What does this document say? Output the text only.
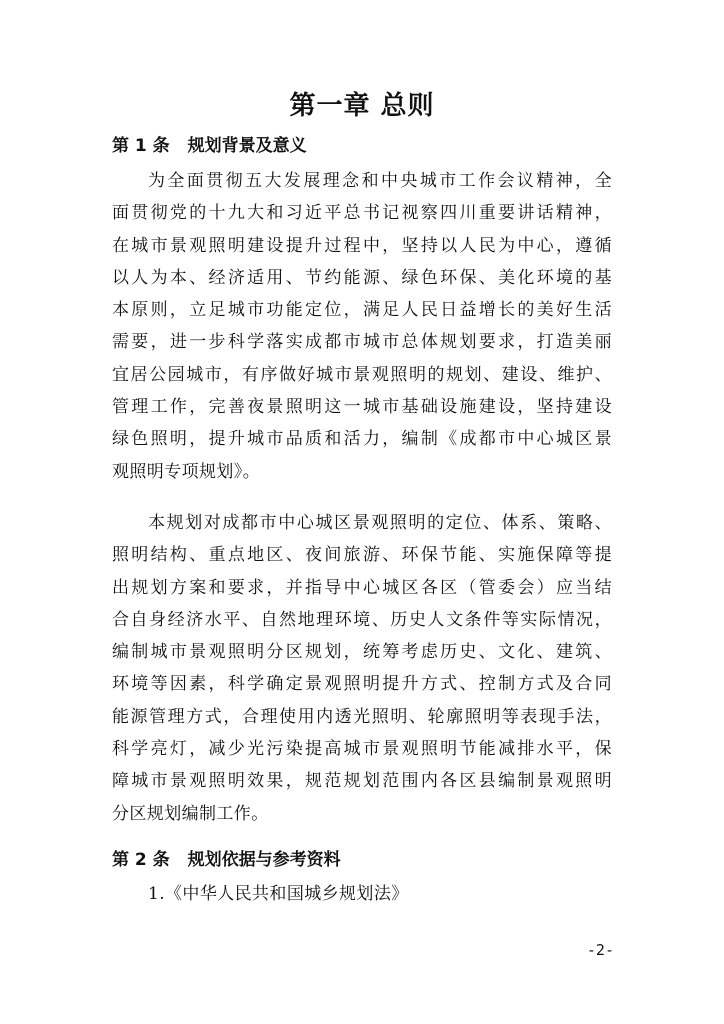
第一章 总则
第 1 条 规划背景及意义
为全面贯彻五大发展理念和中央城市工作会议精神，全
面贯彻党的十九大和习近平总书记视察四川重要讲话精神，
在城市景观照明建设提升过程中，坚持以人民为中心，遵循
以人为本、经济适用、节约能源、绿色环保、美化环境的基
本原则，立足城市功能定位，满足人民日益增长的美好生活
需要，进一步科学落实成都市城市总体规划要求，打造美丽
宜居公园城市，有序做好城市景观照明的规划、建设、维护、
管理工作，完善夜景照明这一城市基础设施建设，坚持建设
绿色照明，提升城市品质和活力，编制《成都市中心城区景
观照明专项规划》。
本规划对成都市中心城区景观照明的定位、体系、策略、
照明结构、重点地区、夜间旅游、环保节能、实施保障等提
出规划方案和要求，并指导中心城区各区（管委会）应当结
合自身经济水平、自然地理环境、历史人文条件等实际情况，
编制城市景观照明分区规划，统筹考虑历史、文化、建筑、
环境等因素，科学确定景观照明提升方式、控制方式及合同
能源管理方式，合理使用内透光照明、轮廓照明等表现手法，
科学亮灯，减少光污染提高城市景观照明节能减排水平，保
障城市景观照明效果，规范规划范围内各区县编制景观照明
分区规划编制工作。
第 2 条 规划依据与参考资料
1.《中华人民共和国城乡规划法》
-2-
